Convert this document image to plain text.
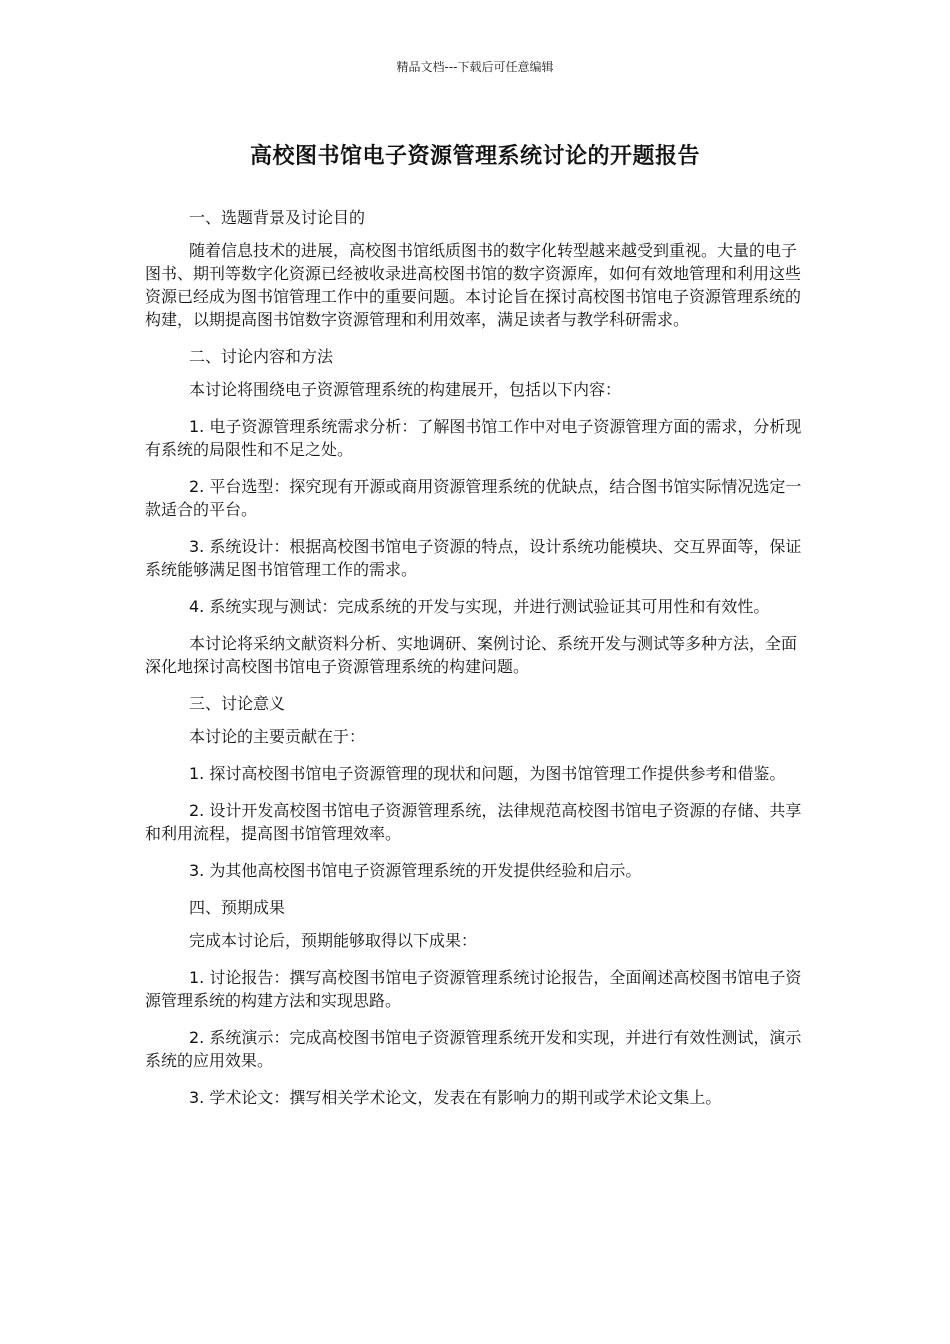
精品文档---下载后可任意编辑
高校图书馆电子资源管理系统讨论的开题报告

一、选题背景及讨论目的

随着信息技术的进展，高校图书馆纸质图书的数字化转型越来越受到重视。大量的电子图书、期刊等数字化资源已经被收录进高校图书馆的数字资源库，如何有效地管理和利用这些资源已经成为图书馆管理工作中的重要问题。本讨论旨在探讨高校图书馆电子资源管理系统的构建，以期提高图书馆数字资源管理和利用效率，满足读者与教学科研需求。

二、讨论内容和方法

本讨论将围绕电子资源管理系统的构建展开，包括以下内容：

1. 电子资源管理系统需求分析：了解图书馆工作中对电子资源管理方面的需求，分析现有系统的局限性和不足之处。

2. 平台选型：探究现有开源或商用资源管理系统的优缺点，结合图书馆实际情况选定一款适合的平台。

3. 系统设计：根据高校图书馆电子资源的特点，设计系统功能模块、交互界面等，保证系统能够满足图书馆管理工作的需求。

4. 系统实现与测试：完成系统的开发与实现，并进行测试验证其可用性和有效性。

本讨论将采纳文献资料分析、实地调研、案例讨论、系统开发与测试等多种方法，全面深化地探讨高校图书馆电子资源管理系统的构建问题。

三、讨论意义

本讨论的主要贡献在于：

1. 探讨高校图书馆电子资源管理的现状和问题，为图书馆管理工作提供参考和借鉴。

2. 设计开发高校图书馆电子资源管理系统，法律规范高校图书馆电子资源的存储、共享和利用流程，提高图书馆管理效率。

3. 为其他高校图书馆电子资源管理系统的开发提供经验和启示。

四、预期成果

完成本讨论后，预期能够取得以下成果：

1. 讨论报告：撰写高校图书馆电子资源管理系统讨论报告，全面阐述高校图书馆电子资源管理系统的构建方法和实现思路。

2. 系统演示：完成高校图书馆电子资源管理系统开发和实现，并进行有效性测试，演示系统的应用效果。

3. 学术论文：撰写相关学术论文，发表在有影响力的期刊或学术论文集上。
